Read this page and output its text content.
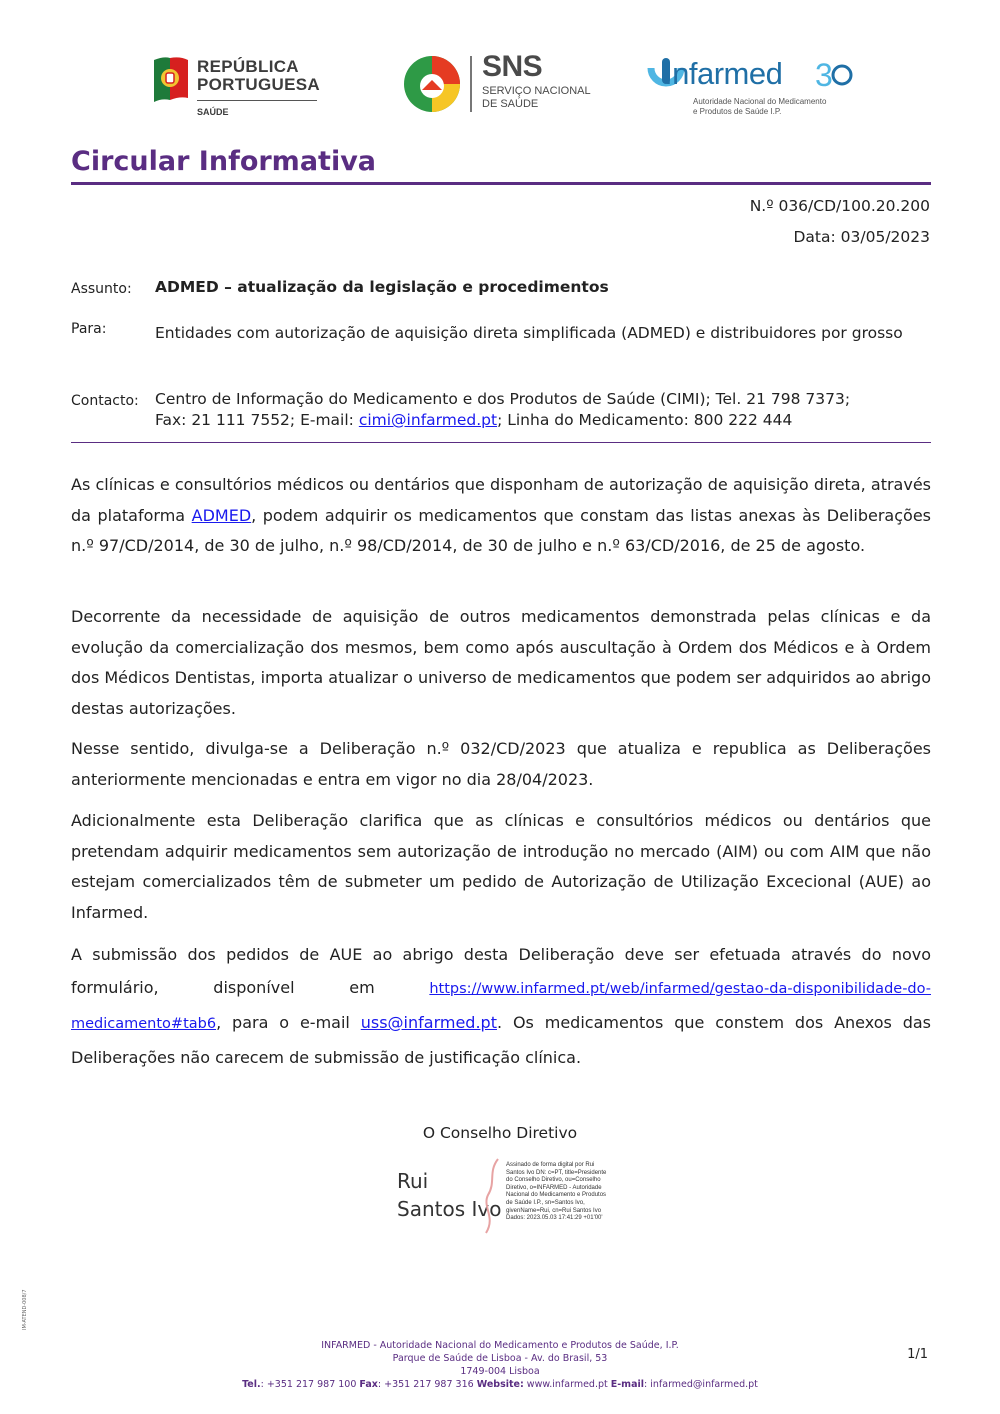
REPÚBLICA
PORTUGUESA
SAÚDE
SNS
SERVIÇO NACIONAL
DE SAÚDE
Infarmed 3
Autoridade Nacional do Medicamento
e Produtos de Saúde I.P.
Circular Informativa
N.º 036/CD/100.20.200
Data: 03/05/2023
Assunto: ADMED – atualização da legislação e procedimentos
Para:	Entidades com autorização de aquisição direta simplificada (ADMED) e distribuidores por grosso
Contacto: Centro de Informação do Medicamento e dos Produtos de Saúde (CIMI); Tel. 21 798 7373;
Fax: 21 111 7552; E-mail: cimi@infarmed.pt; Linha do Medicamento: 800 222 444
As clínicas e consultórios médicos ou dentários que disponham de autorização de aquisição direta, através da plataforma ADMED, podem adquirir os medicamentos que constam das listas anexas às Deliberações n.º 97/CD/2014, de 30 de julho, n.º 98/CD/2014, de 30 de julho e n.º 63/CD/2016, de 25 de agosto.
Decorrente da necessidade de aquisição de outros medicamentos demonstrada pelas clínicas e da evolução da comercialização dos mesmos, bem como após auscultação à Ordem dos Médicos e à Ordem dos Médicos Dentistas, importa atualizar o universo de medicamentos que podem ser adquiridos ao abrigo destas autorizações.
Nesse sentido, divulga-se a Deliberação n.º 032/CD/2023 que atualiza e republica as Deliberações anteriormente mencionadas e entra em vigor no dia 28/04/2023.
Adicionalmente esta Deliberação clarifica que as clínicas e consultórios médicos ou dentários que pretendam adquirir medicamentos sem autorização de introdução no mercado (AIM) ou com AIM que não estejam comercializados têm de submeter um pedido de Autorização de Utilização Excecional (AUE) ao Infarmed.
A submissão dos pedidos de AUE ao abrigo desta Deliberação deve ser efetuada através do novo formulário, disponível em https://www.infarmed.pt/web/infarmed/gestao-da-disponibilidade-do-medicamento#tab6, para o e-mail uss@infarmed.pt. Os medicamentos que constem dos Anexos das Deliberações não carecem de submissão de justificação clínica.
O Conselho Diretivo
Rui
Santos Ivo
Assinado de forma digital por Rui Santos Ivo DN: c=PT, title=Presidente do Conselho Diretivo, ou=Conselho Diretivo, o=INFARMED - Autoridade Nacional do Medicamento e Produtos de Saúde I.P., sn=Santos Ivo, givenName=Rui, cn=Rui Santos Ivo Dados: 2023.05.03 17:41:29 +01'00'
IM-ATEND-008/7
INFARMED - Autoridade Nacional do Medicamento e Produtos de Saúde, I.P.
Parque de Saúde de Lisboa - Av. do Brasil, 53
1749-004 Lisboa
Tel.: +351 217 987 100 Fax: +351 217 987 316 Website: www.infarmed.pt E-mail: infarmed@infarmed.pt
1/1
